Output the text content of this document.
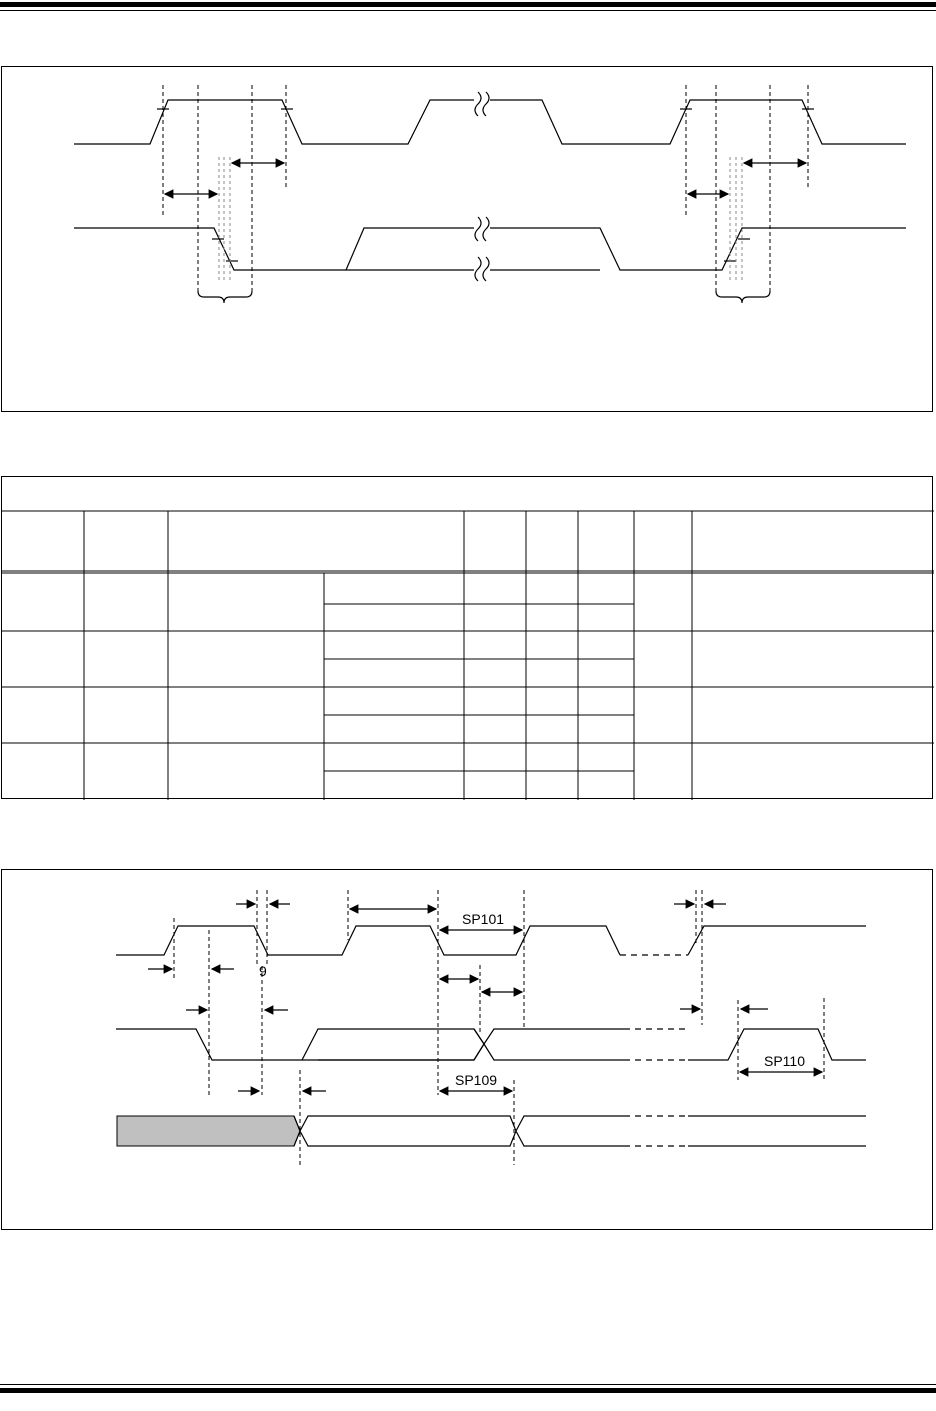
SP101
9
SP110
SP109
